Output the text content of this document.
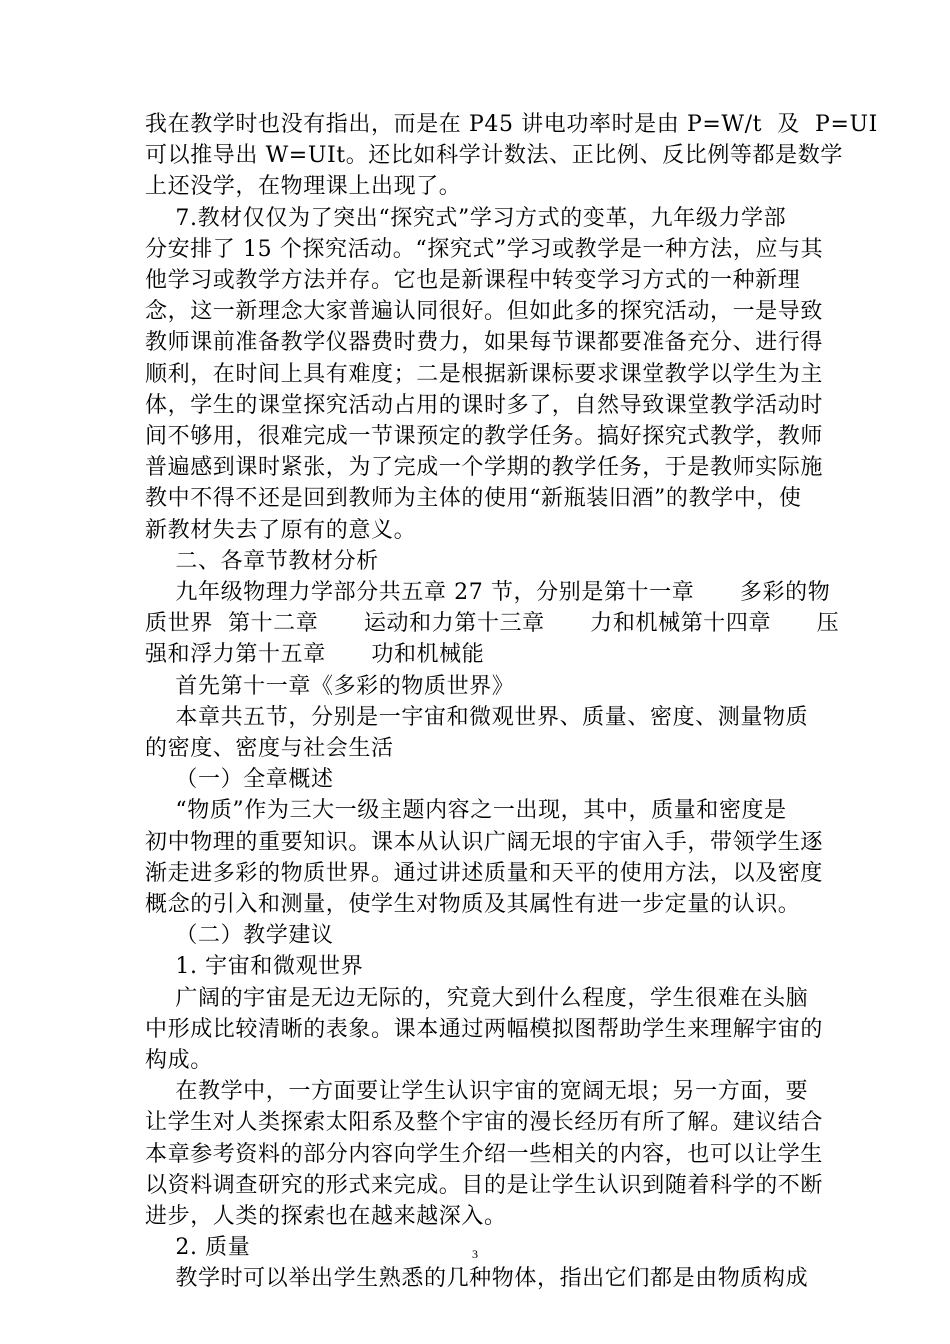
我在教学时也没有指出，而是在 P45 讲电功率时是由 P=W/t  及  P=UI
可以推导出 W=UIt。还比如科学计数法、正比例、反比例等都是数学
上还没学，在物理课上出现了。
7.教材仅仅为了突出“探究式”学习方式的变革，九年级力学部
分安排了 15 个探究活动。“探究式”学习或教学是一种方法，应与其
他学习或教学方法并存。它也是新课程中转变学习方式的一种新理
念，这一新理念大家普遍认同很好。但如此多的探究活动，一是导致
教师课前准备教学仪器费时费力，如果每节课都要准备充分、进行得
顺利，在时间上具有难度；二是根据新课标要求课堂教学以学生为主
体，学生的课堂探究活动占用的课时多了，自然导致课堂教学活动时
间不够用，很难完成一节课预定的教学任务。搞好探究式教学，教师
普遍感到课时紧张，为了完成一个学期的教学任务，于是教师实际施
教中不得不还是回到教师为主体的使用“新瓶装旧酒”的教学中，使
新教材失去了原有的意义。
二、各章节教材分析
九年级物理力学部分共五章 27 节，分别是第十一章      多彩的物
质世界  第十二章      运动和力第十三章      力和机械第十四章      压
强和浮力第十五章      功和机械能
首先第十一章《多彩的物质世界》
本章共五节，分别是一宇宙和微观世界、质量、密度、测量物质
的密度、密度与社会生活
（一）全章概述
“物质”作为三大一级主题内容之一出现，其中，质量和密度是
初中物理的重要知识。课本从认识广阔无垠的宇宙入手，带领学生逐
渐走进多彩的物质世界。通过讲述质量和天平的使用方法，以及密度
概念的引入和测量，使学生对物质及其属性有进一步定量的认识。
（二）教学建议
1. 宇宙和微观世界
广阔的宇宙是无边无际的，究竟大到什么程度，学生很难在头脑
中形成比较清晰的表象。课本通过两幅模拟图帮助学生来理解宇宙的
构成。
在教学中，一方面要让学生认识宇宙的宽阔无垠；另一方面，要
让学生对人类探索太阳系及整个宇宙的漫长经历有所了解。建议结合
本章参考资料的部分内容向学生介绍一些相关的内容，也可以让学生
以资料调查研究的形式来完成。目的是让学生认识到随着科学的不断
进步，人类的探索也在越来越深入。
2. 质量
教学时可以举出学生熟悉的几种物体，指出它们都是由物质构成
3
